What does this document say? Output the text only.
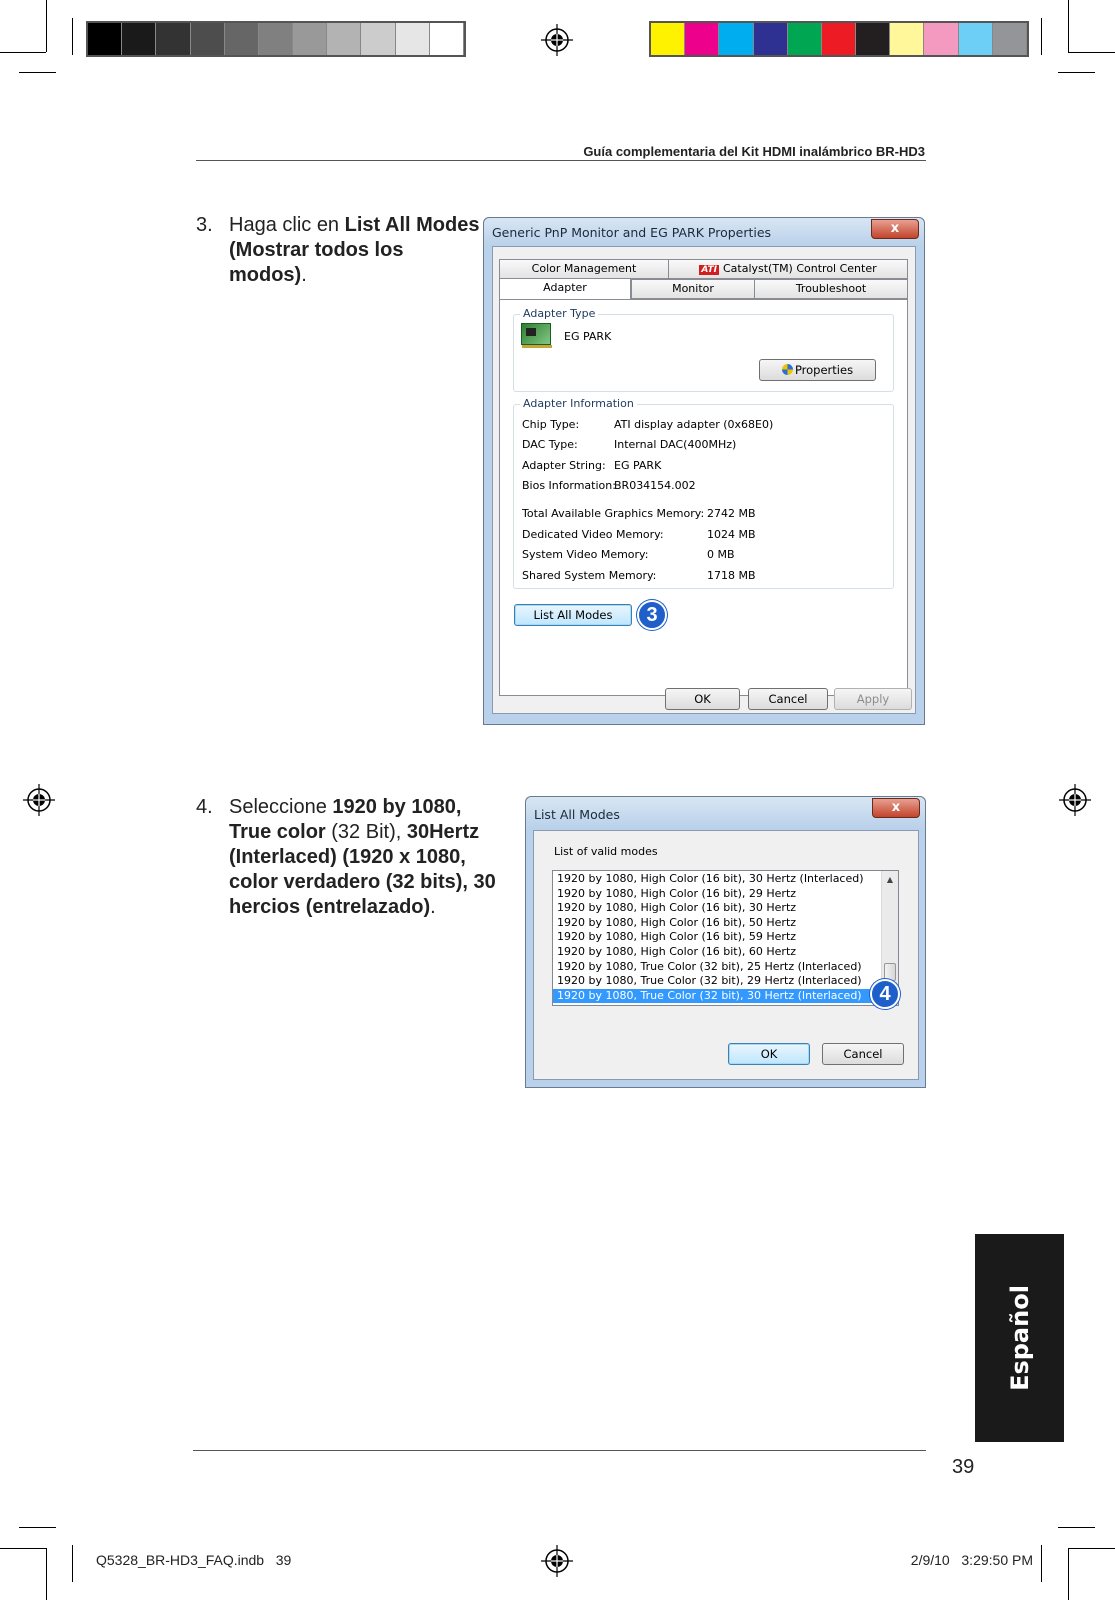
Guía complementaria del Kit HDMI inalámbrico BR-HD3
3. Haga clic en List All Modes (Mostrar todos los modos).
Generic PnP Monitor and EG PARK Properties	x
Color Management	ATI Catalyst(TM) Control Center
Adapter	Monitor	Troubleshoot
Adapter Type
EG PARK
Properties
Adapter Information
Chip Type:	ATI display adapter (0x68E0)
DAC Type:	Internal DAC(400MHz)
Adapter String: EG PARK
Bios Information:
BR034154.002
Total Available Graphics Memory: 2742 MB
Dedicated Video Memory:	1024 MB
System Video Memory:	0 MB
Shared System Memory:	1718 MB
List All Modes	3
OK	Cancel	Apply
4. Seleccione 1920 by 1080, True color (32 Bit), 30Hertz (Interlaced) (1920 x 1080, color verdadero (32 bits), 30 hercios (entrelazado).
List All Modes	x
List of valid modes
1920 by 1080, High Color (16 bit), 30 Hertz (Interlaced)
1920 by 1080, High Color (16 bit), 29 Hertz
1920 by 1080, High Color (16 bit), 30 Hertz
1920 by 1080, High Color (16 bit), 50 Hertz
1920 by 1080, High Color (16 bit), 59 Hertz
1920 by 1080, High Color (16 bit), 60 Hertz
1920 by 1080, True Color (32 bit), 25 Hertz (Interlaced)
1920 by 1080, True Color (32 bit), 29 Hertz (Interlaced)
1920 by 1080, True Color (32 bit), 30 Hertz (Interlaced)
▲
4
OK	Cancel
Español
39
Q5328_BR-HD3_FAQ.indb   39	2/9/10   3:29:50 PM
